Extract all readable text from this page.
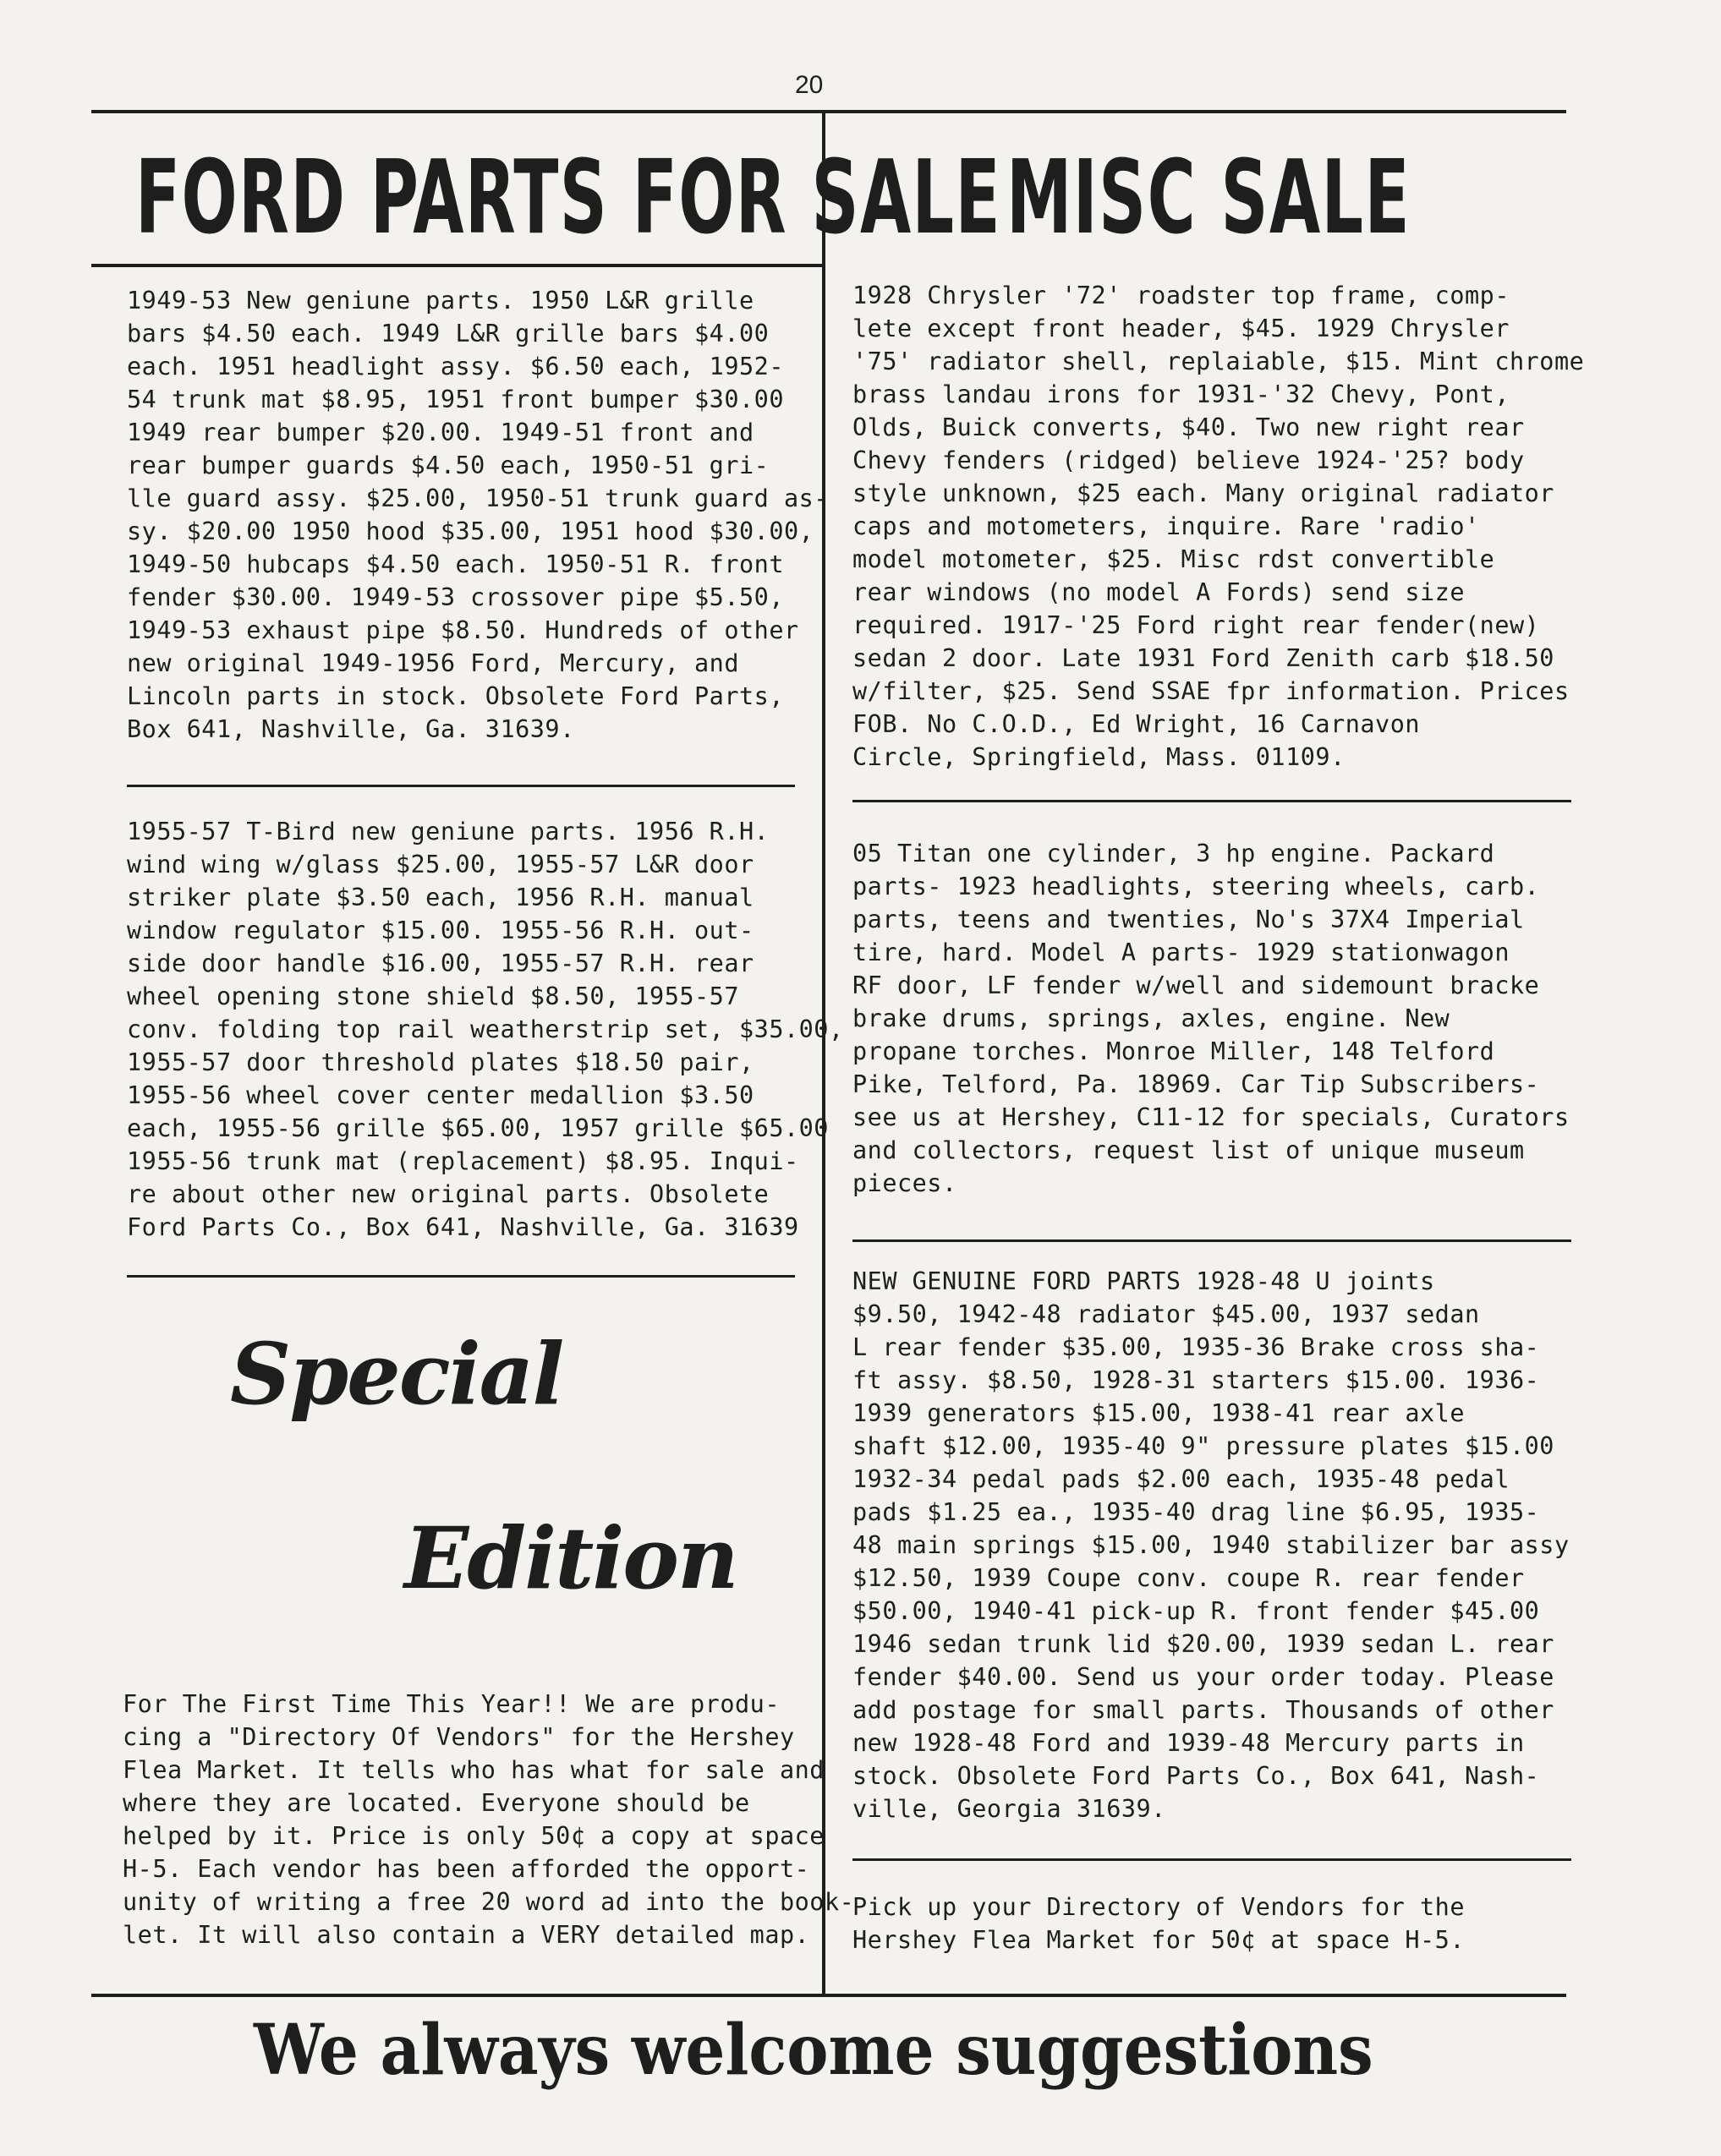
20
FORD PARTS FOR SALE MISC SALE
1949-53 New geniune parts. 1950 L&R grille
bars $4.50 each. 1949 L&R grille bars $4.00
each. 1951 headlight assy. $6.50 each, 1952-
54 trunk mat $8.95, 1951 front bumper $30.00
1949 rear bumper $20.00. 1949-51 front and
rear bumper guards $4.50 each, 1950-51 gri-
lle guard assy. $25.00, 1950-51 trunk guard as-
sy. $20.00 1950 hood $35.00, 1951 hood $30.00,
1949-50 hubcaps $4.50 each. 1950-51 R. front
fender $30.00. 1949-53 crossover pipe $5.50,
1949-53 exhaust pipe $8.50. Hundreds of other
new original 1949-1956 Ford, Mercury, and
Lincoln parts in stock. Obsolete Ford Parts,
Box 641, Nashville, Ga. 31639.
1955-57 T-Bird new geniune parts. 1956 R.H.
wind wing w/glass $25.00, 1955-57 L&R door
striker plate $3.50 each, 1956 R.H. manual
window regulator $15.00. 1955-56 R.H. out-
side door handle $16.00, 1955-57 R.H. rear
wheel opening stone shield $8.50, 1955-57
conv. folding top rail weatherstrip set, $35.00,
1955-57 door threshold plates $18.50 pair,
1955-56 wheel cover center medallion $3.50
each, 1955-56 grille $65.00, 1957 grille $65.00
1955-56 trunk mat (replacement) $8.95. Inqui-
re about other new original parts. Obsolete
Ford Parts Co., Box 641, Nashville, Ga. 31639
Special
Edition
For The First Time This Year!! We are produ-
cing a "Directory Of Vendors" for the Hershey
Flea Market. It tells who has what for sale and
where they are located. Everyone should be
helped by it. Price is only 50¢ a copy at space
H-5. Each vendor has been afforded the opport-
unity of writing a free 20 word ad into the book-
let. It will also contain a VERY detailed map.
1928 Chrysler '72' roadster top frame, comp-
lete except front header, $45. 1929 Chrysler
'75' radiator shell, replaiable, $15. Mint chrome
brass landau irons for 1931-'32 Chevy, Pont,
Olds, Buick converts, $40. Two new right rear
Chevy fenders (ridged) believe 1924-'25? body
style unknown, $25 each. Many original radiator
caps and motometers, inquire. Rare 'radio'
model motometer, $25. Misc rdst convertible
rear windows (no model A Fords) send size
required. 1917-'25 Ford right rear fender(new)
sedan 2 door. Late 1931 Ford Zenith carb $18.50
w/filter, $25. Send SSAE fpr information. Prices
FOB. No C.O.D., Ed Wright, 16 Carnavon
Circle, Springfield, Mass. 01109.
05 Titan one cylinder, 3 hp engine. Packard
parts- 1923 headlights, steering wheels, carb.
parts, teens and twenties, No's 37X4 Imperial
tire, hard. Model A parts- 1929 stationwagon
RF door, LF fender w/well and sidemount bracke
brake drums, springs, axles, engine. New
propane torches. Monroe Miller, 148 Telford
Pike, Telford, Pa. 18969. Car Tip Subscribers-
see us at Hershey, C11-12 for specials, Curators
and collectors, request list of unique museum
pieces.
NEW GENUINE FORD PARTS 1928-48 U joints
$9.50, 1942-48 radiator $45.00, 1937 sedan
L rear fender $35.00, 1935-36 Brake cross sha-
ft assy. $8.50, 1928-31 starters $15.00. 1936-
1939 generators $15.00, 1938-41 rear axle
shaft $12.00, 1935-40 9" pressure plates $15.00
1932-34 pedal pads $2.00 each, 1935-48 pedal
pads $1.25 ea., 1935-40 drag line $6.95, 1935-
48 main springs $15.00, 1940 stabilizer bar assy
$12.50, 1939 Coupe conv. coupe R. rear fender
$50.00, 1940-41 pick-up R. front fender $45.00
1946 sedan trunk lid $20.00, 1939 sedan L. rear
fender $40.00. Send us your order today. Please
add postage for small parts. Thousands of other
new 1928-48 Ford and 1939-48 Mercury parts in
stock. Obsolete Ford Parts Co., Box 641, Nash-
ville, Georgia 31639.
Pick up your Directory of Vendors for the
Hershey Flea Market for 50¢ at space H-5.
We always welcome suggestions
